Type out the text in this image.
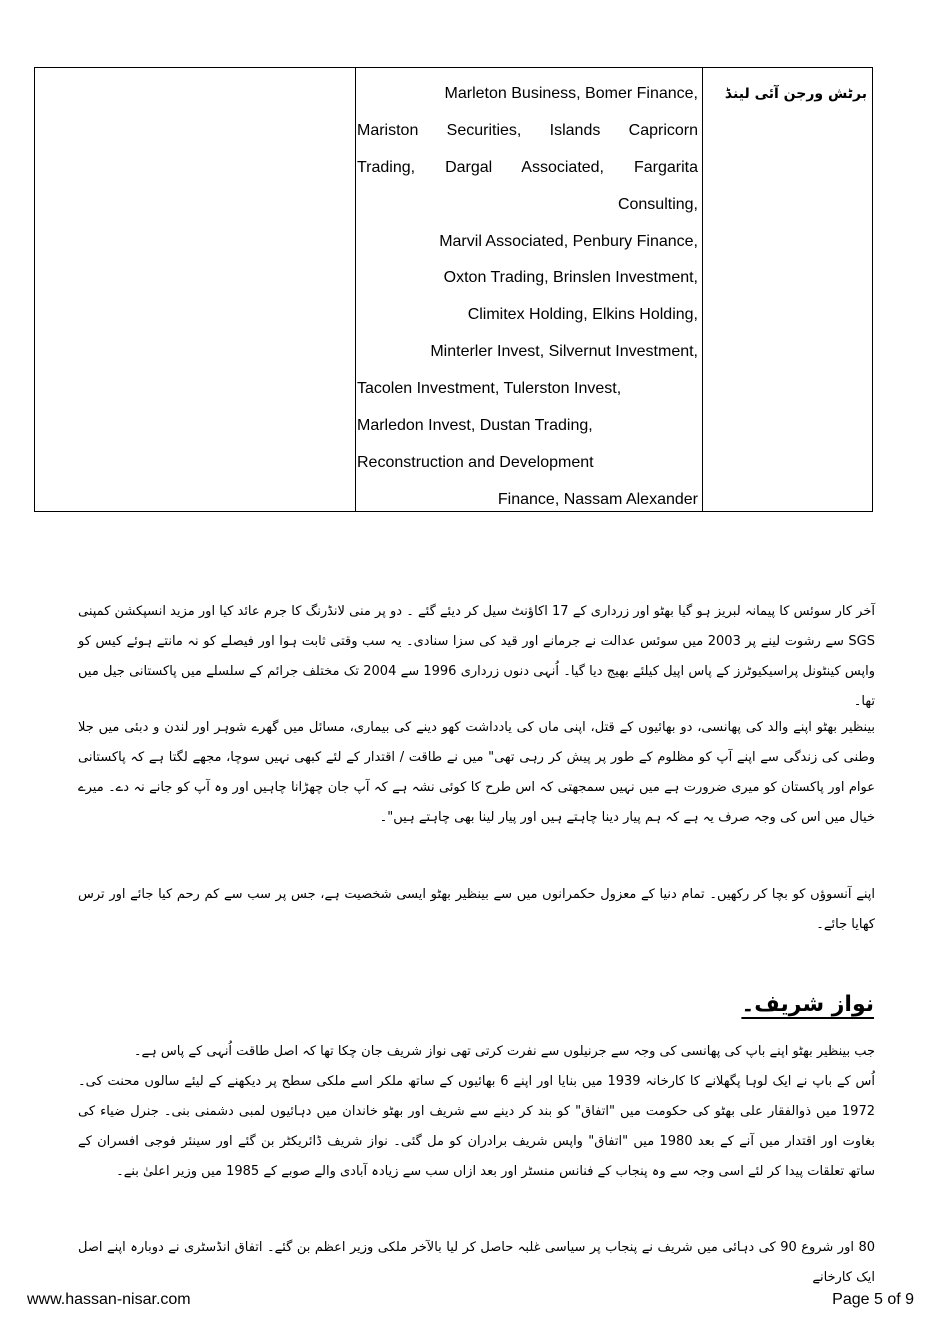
Marleton Business, Bomer Finance,
Mariston Securities, Islands Capricorn
Trading, Dargal Associated, Fargarita
Consulting,
Marvil Associated, Penbury Finance,
Oxton Trading, Brinslen Investment,
Climitex Holding, Elkins Holding,
Minterler Invest, Silvernut Investment,
Tacolen Investment, Tulerston Invest,
Marledon Invest, Dustan Trading,
Reconstruction and Development
Finance, Nassam Alexander
برٹش ورجن آئی لینڈ
آخر کار سوئس کا پیمانہ لبریز ہو گیا بھٹو اور زرداری کے 17 اکاؤنٹ سیل کر دیئے گئے ۔ دو پر منی لانڈرنگ کا جرم عائد کیا اور مزید انسپکشن کمپنی SGS سے رشوت لینے پر 2003 میں سوئس عدالت نے جرمانے اور قید کی سزا سنادی۔ یہ سب وقتی ثابت ہوا اور فیصلے کو نہ مانتے ہوئے کیس کو واپس کینٹونل پراسیکیوٹرز کے پاس اپیل کیلئے بھیج دیا گیا۔ اُنہی دنوں زرداری 1996 سے 2004 تک مختلف جرائم کے سلسلے میں پاکستانی جیل میں تھا۔
بینظیر بھٹو اپنے والد کی پھانسی، دو بھائیوں کے قتل، اپنی ماں کی یادداشت کھو دینے کی بیماری، مسائل میں گھرے شوہر اور لندن و دبئی میں جلا وطنی کی زندگی سے اپنے آپ کو مظلوم کے طور پر پیش کر رہی تھی" میں نے طاقت / اقتدار کے لئے کبھی نہیں سوچا، مجھے لگتا ہے کہ پاکستانی عوام اور پاکستان کو میری ضرورت ہے میں نہیں سمجھتی کہ اس طرح کا کوئی نشہ ہے کہ آپ جان چھڑانا چاہیں اور وہ آپ کو جانے نہ دے۔ میرے خیال میں اس کی وجہ صرف یہ ہے کہ ہم پیار دینا چاہتے ہیں اور پیار لینا بھی چاہتے ہیں"۔
اپنے آنسوؤں کو بچا کر رکھیں۔ تمام دنیا کے معزول حکمرانوں میں سے بینظیر بھٹو ایسی شخصیت ہے، جس پر سب سے کم رحم کیا جائے اور ترس کھایا جائے۔
نواز شریف۔
جب بینظیر بھٹو اپنے باپ کی پھانسی کی وجہ سے جرنیلوں سے نفرت کرتی تھی نواز شریف جان چکا تھا کہ اصل طاقت اُنہی کے پاس ہے۔
اُس کے باپ نے ایک لوہا پگھلانے کا کارخانہ 1939 میں بنایا اور اپنے 6 بھائیوں کے ساتھ ملکر اسے ملکی سطح پر دیکھنے کے لیئے سالوں محنت کی۔ 1972 میں ذوالفقار علی بھٹو کی حکومت میں "اتفاق" کو بند کر دینے سے شریف اور بھٹو خاندان میں دہائیوں لمبی دشمنی بنی۔ جنرل ضیاء کی بغاوت اور اقتدار میں آنے کے بعد 1980 میں "اتفاق" واپس شریف برادران کو مل گئی۔ نواز شریف ڈائریکٹر بن گئے اور سینئر فوجی افسران کے ساتھ تعلقات پیدا کر لئے اسی وجہ سے وہ پنجاب کے فنانس منسٹر اور بعد ازاں سب سے زیادہ آبادی والے صوبے کے 1985 میں وزیر اعلیٰ بنے۔
80 اور شروع 90 کی دہائی میں شریف نے پنجاب پر سیاسی غلبہ حاصل کر لیا بالآخر ملکی وزیر اعظم بن گئے۔ اتفاق انڈسٹری نے دوبارہ اپنے اصل ایک کارخانے
www.hassan-nisar.com	Page 5 of 9
